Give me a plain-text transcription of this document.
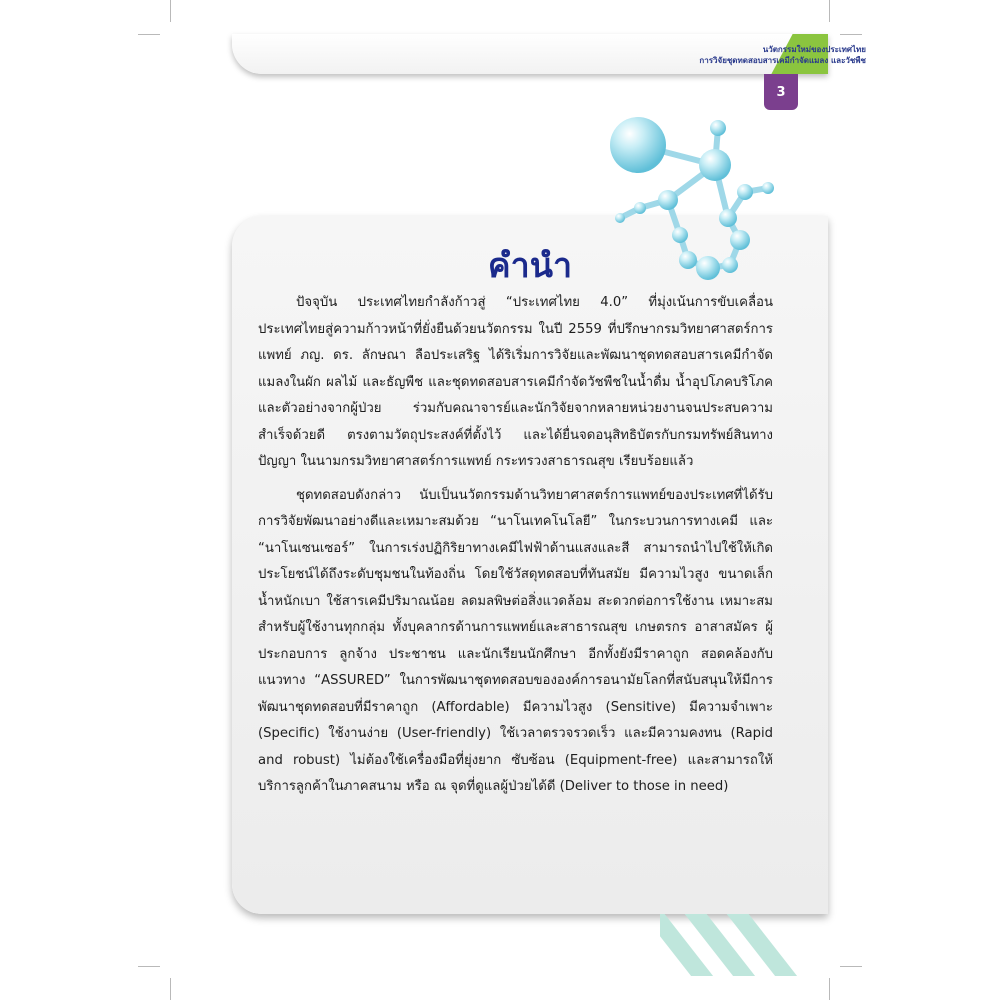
นวัตกรรมใหม่ของประเทศไทย
การวิจัยชุดทดสอบสารเคมีกำจัดแมลง และวัชพืช
3
คำนำ

ปัจจุบัน ประเทศไทยกำลังก้าวสู่ “ประเทศไทย 4.0” ที่มุ่งเน้นการขับเคลื่อนประเทศไทยสู่ความก้าวหน้าที่ยั่งยืนด้วยนวัตกรรม ในปี 2559 ที่ปรึกษากรมวิทยาศาสตร์การแพทย์ ภญ. ดร. ลักษณา ลือประเสริฐ ได้ริเริ่มการวิจัยและพัฒนาชุดทดสอบสารเคมีกำจัดแมลงในผัก ผลไม้ และธัญพืช และชุดทดสอบสารเคมีกำจัดวัชพืชในน้ำดื่ม น้ำอุปโภคบริโภค และตัวอย่างจากผู้ป่วย ร่วมกับคณาจารย์และนักวิจัยจากหลายหน่วยงานจนประสบความสำเร็จด้วยดี ตรงตามวัตถุประสงค์ที่ตั้งไว้ และได้ยื่นจดอนุสิทธิบัตรกับกรมทรัพย์สินทางปัญญา ในนามกรมวิทยาศาสตร์การแพทย์ กระทรวงสาธารณสุข เรียบร้อยแล้ว

ชุดทดสอบดังกล่าว นับเป็นนวัตกรรมด้านวิทยาศาสตร์การแพทย์ของประเทศที่ได้รับการวิจัยพัฒนาอย่างดีและเหมาะสมด้วย “นาโนเทคโนโลยี” ในกระบวนการทางเคมี และ “นาโนเซนเซอร์” ในการเร่งปฏิกิริยาทางเคมีไฟฟ้าด้านแสงและสี สามารถนำไปใช้ให้เกิดประโยชน์ได้ถึงระดับชุมชนในท้องถิ่น โดยใช้วัสดุทดสอบที่ทันสมัย มีความไวสูง ขนาดเล็ก น้ำหนักเบา ใช้สารเคมีปริมาณน้อย ลดมลพิษต่อสิ่งแวดล้อม สะดวกต่อการใช้งาน เหมาะสมสำหรับผู้ใช้งานทุกกลุ่ม ทั้งบุคลากรด้านการแพทย์และสาธารณสุข เกษตรกร อาสาสมัคร ผู้ประกอบการ ลูกจ้าง ประชาชน และนักเรียนนักศึกษา อีกทั้งยังมีราคาถูก สอดคล้องกับแนวทาง “ASSURED” ในการพัฒนาชุดทดสอบขององค์การอนามัยโลกที่สนับสนุนให้มีการพัฒนาชุดทดสอบที่มีราคาถูก (Affordable) มีความไวสูง (Sensitive) มีความจำเพาะ (Specific) ใช้งานง่าย (User-friendly) ใช้เวลาตรวจรวดเร็ว และมีความคงทน (Rapid and robust) ไม่ต้องใช้เครื่องมือที่ยุ่งยาก ซับซ้อน (Equipment-free) และสามารถให้บริการลูกค้าในภาคสนาม หรือ ณ จุดที่ดูแลผู้ป่วยได้ดี (Deliver to those in need)
